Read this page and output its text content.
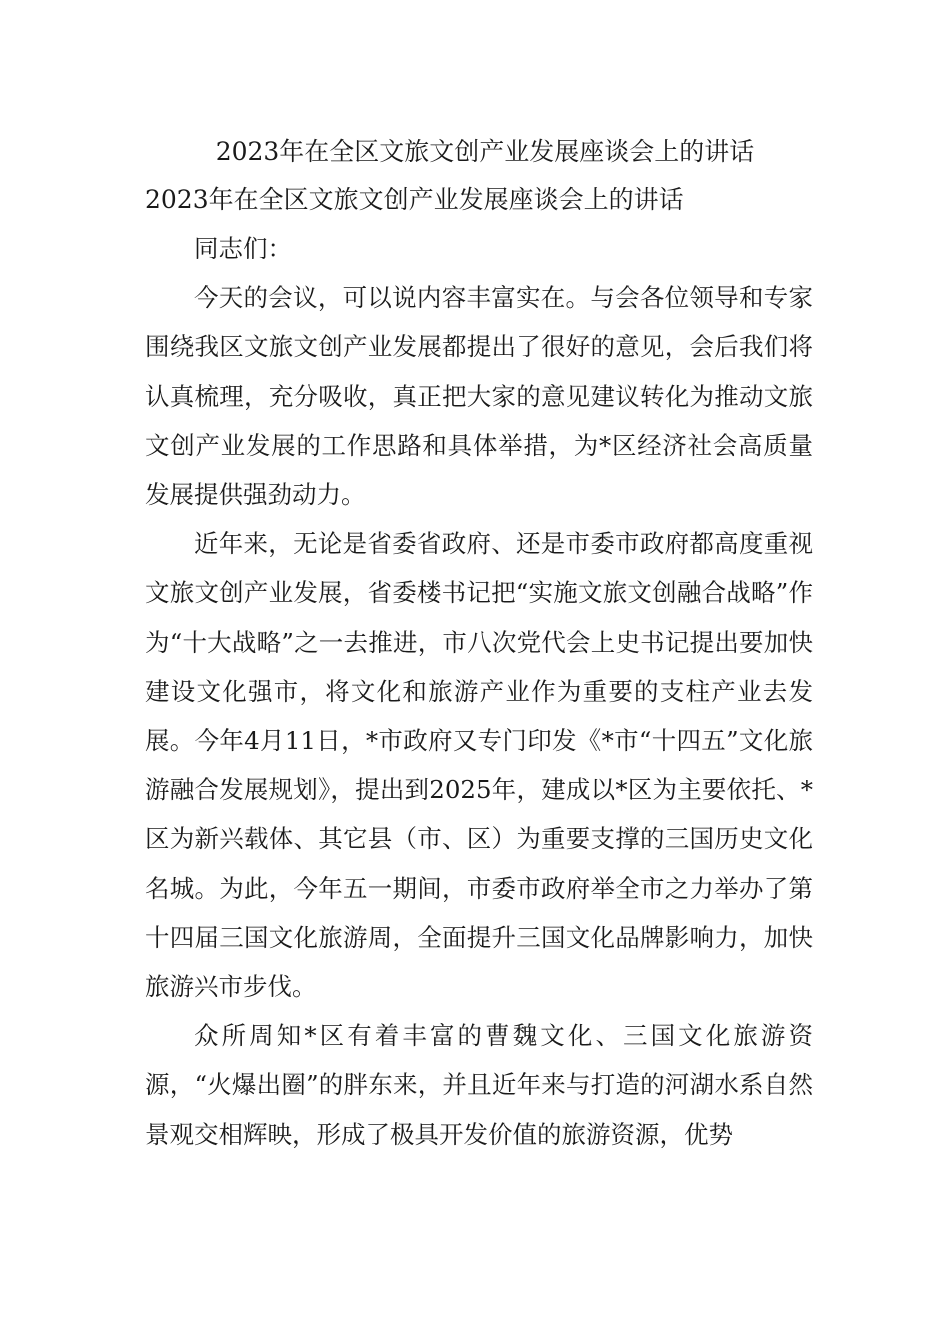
2023年在全区文旅文创产业发展座谈会上的讲话
2023年在全区文旅文创产业发展座谈会上的讲话

同志们：

今天的会议，可以说内容丰富实在。与会各位领导和专家围绕我区文旅文创产业发展都提出了很好的意见，会后我们将认真梳理，充分吸收，真正把大家的意见建议转化为推动文旅文创产业发展的工作思路和具体举措，为*区经济社会高质量发展提供强劲动力。

近年来，无论是省委省政府、还是市委市政府都高度重视文旅文创产业发展，省委楼书记把“实施文旅文创融合战略”作为“十大战略”之一去推进，市八次党代会上史书记提出要加快建设文化强市，将文化和旅游产业作为重要的支柱产业去发展。今年4月11日，*市政府又专门印发《*市“十四五”文化旅游融合发展规划》，提出到2025年，建成以*区为主要依托、*区为新兴载体、其它县（市、区）为重要支撑的三国历史文化名城。为此，今年五一期间，市委市政府举全市之力举办了第十四届三国文化旅游周，全面提升三国文化品牌影响力，加快旅游兴市步伐。

众所周知*区有着丰富的曹魏文化、三国文化旅游资源，“火爆出圈”的胖东来，并且近年来与打造的河湖水系自然景观交相辉映，形成了极具开发价值的旅游资源，优势
